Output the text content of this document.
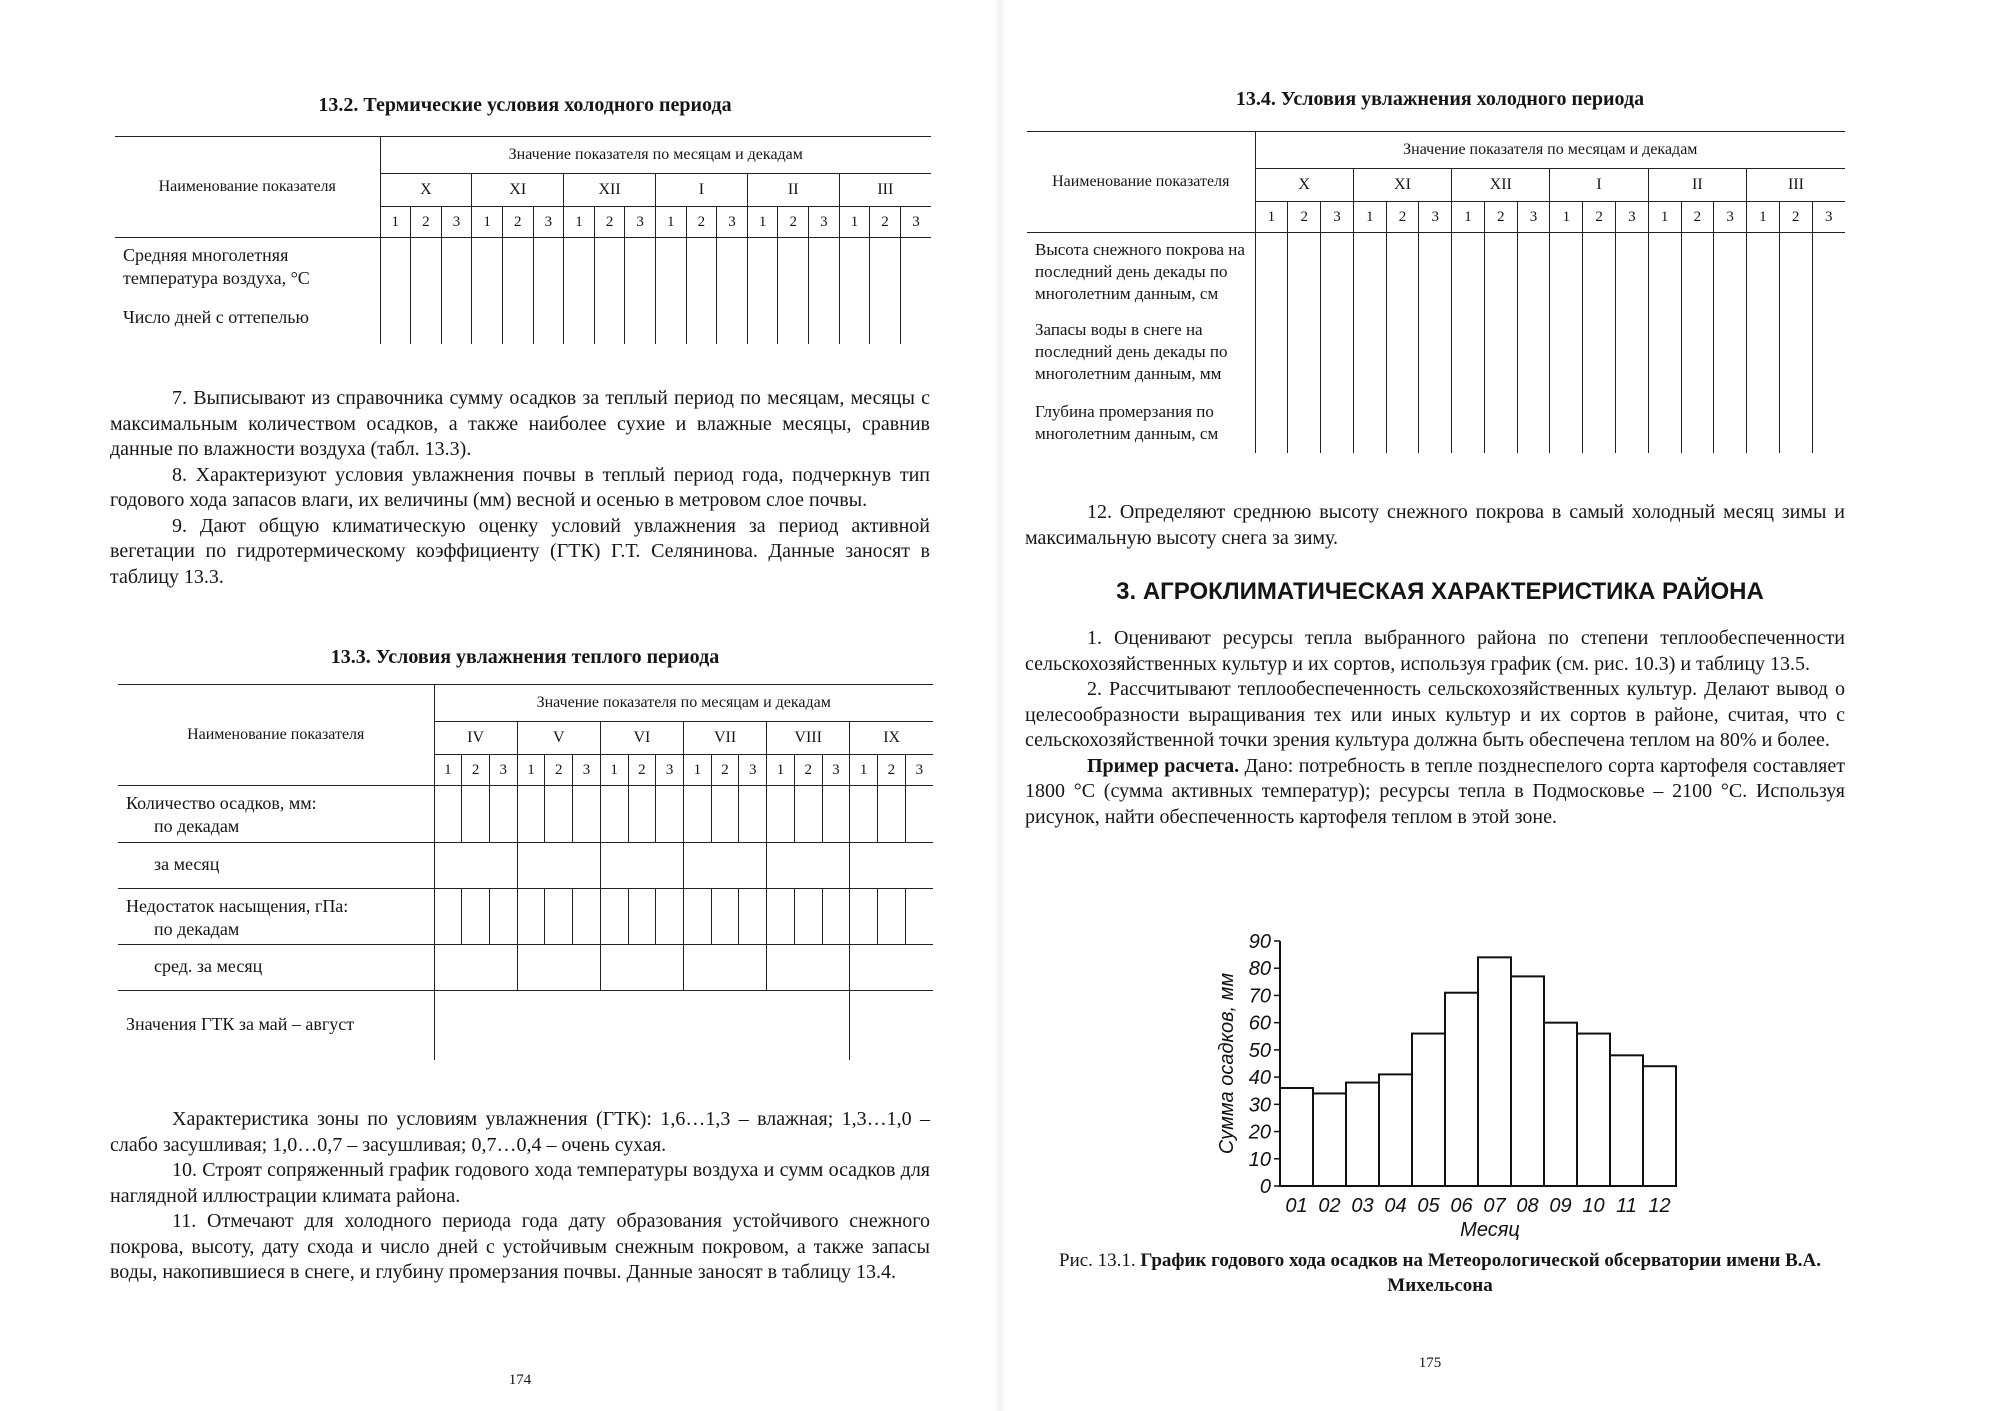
13.2. Термические условия холодного периода
Наименование показателя	Значение показателя по месяцам и декадам																	
	X			XI			XII			I			II			III		
	1	2	3	1	2	3	1	2	3	1	2	3	1	2	3	1	2	3

Средняя многолетняя температура воздуха, °С																		
Число дней с оттепелью																		

7. Выписывают из справочника сумму осадков за теплый период по месяцам, месяцы с максимальным количеством осадков, а также наиболее сухие и влажные месяцы, сравнив данные по влажности воздуха (табл. 13.3).

8. Характеризуют условия увлажнения почвы в теплый период года, подчеркнув тип годового хода запасов влаги, их величины (мм) весной и осенью в метровом слое почвы.

9. Дают общую климатическую оценку условий увлажнения за период активной вегетации по гидротермическому коэффициенту (ГТК) Г.Т. Селянинова. Данные заносят в таблицу 13.3.

13.3. Условия увлажнения теплого периода
Наименование показателя	Значение показателя по месяцам и декадам																	
	IV			V			VI			VII			VIII			IX		
	1	2	3	1	2	3	1	2	3	1	2	3	1	2	3	1	2	3

Количество осадков, мм:
по декадам																		

за месяц																		

Недостаток насыщения, гПа:
по декадам																		

сред. за месяц																		
Значения ГТК за май – август																		

Характеристика зоны по условиям увлажнения (ГТК): 1,6…1,3 – влажная; 1,3…1,0 – слабо засушливая; 1,0…0,7 – засушливая; 0,7…0,4 – очень сухая.

10. Строят сопряженный график годового хода температуры воздуха и сумм осадков для наглядной иллюстрации климата района.

11. Отмечают для холодного периода года дату образования устойчивого снежного покрова, высоту, дату схода и число дней с устойчивым снежным покровом, а также запасы воды, накопившиеся в снеге, и глубину промерзания почвы. Данные заносят в таблицу 13.4.

174
13.4. Условия увлажнения холодного периода
Наименование показателя	Значение показателя по месяцам и декадам																	
	X			XI			XII			I			II			III		
	1	2	3	1	2	3	1	2	3	1	2	3	1	2	3	1	2	3

Высота снежного покрова на последний день декады по многолетним данным, см																		
Запасы воды в снеге на последний день декады по многолетним данным, мм																		
Глубина промерзания по многолетним данным, см																		

12. Определяют среднюю высоту снежного покрова в самый холодный месяц зимы и максимальную высоту снега за зиму.

3. АГРОКЛИМАТИЧЕСКАЯ ХАРАКТЕРИСТИКА РАЙОНА

1. Оценивают ресурсы тепла выбранного района по степени теплообеспеченности сельскохозяйственных культур и их сортов, используя график (см. рис. 10.3) и таблицу 13.5.

2. Рассчитывают теплообеспеченность сельскохозяйственных культур. Делают вывод о целесообразности выращивания тех или иных культур и их сортов в районе, считая, что с сельскохозяйственной точки зрения культура должна быть обеспечена теплом на 80% и более.

Пример расчета. Дано: потребность в тепле позднеспелого сорта картофеля составляет 1800 °С (сумма активных температур); ресурсы тепла в Подмосковье – 2100 °С. Используя рисунок, найти обеспеченность картофеля теплом в этой зоне.

0
10
20
30
40
50
60
70
80
90
01 02 03 04 05 06 07 08 09 10 11 12
Месяц
Сумма осадков, мм
Рис. 13.1. График годового хода осадков на Метеорологической обсерватории имени В.А. Михельсона
175
